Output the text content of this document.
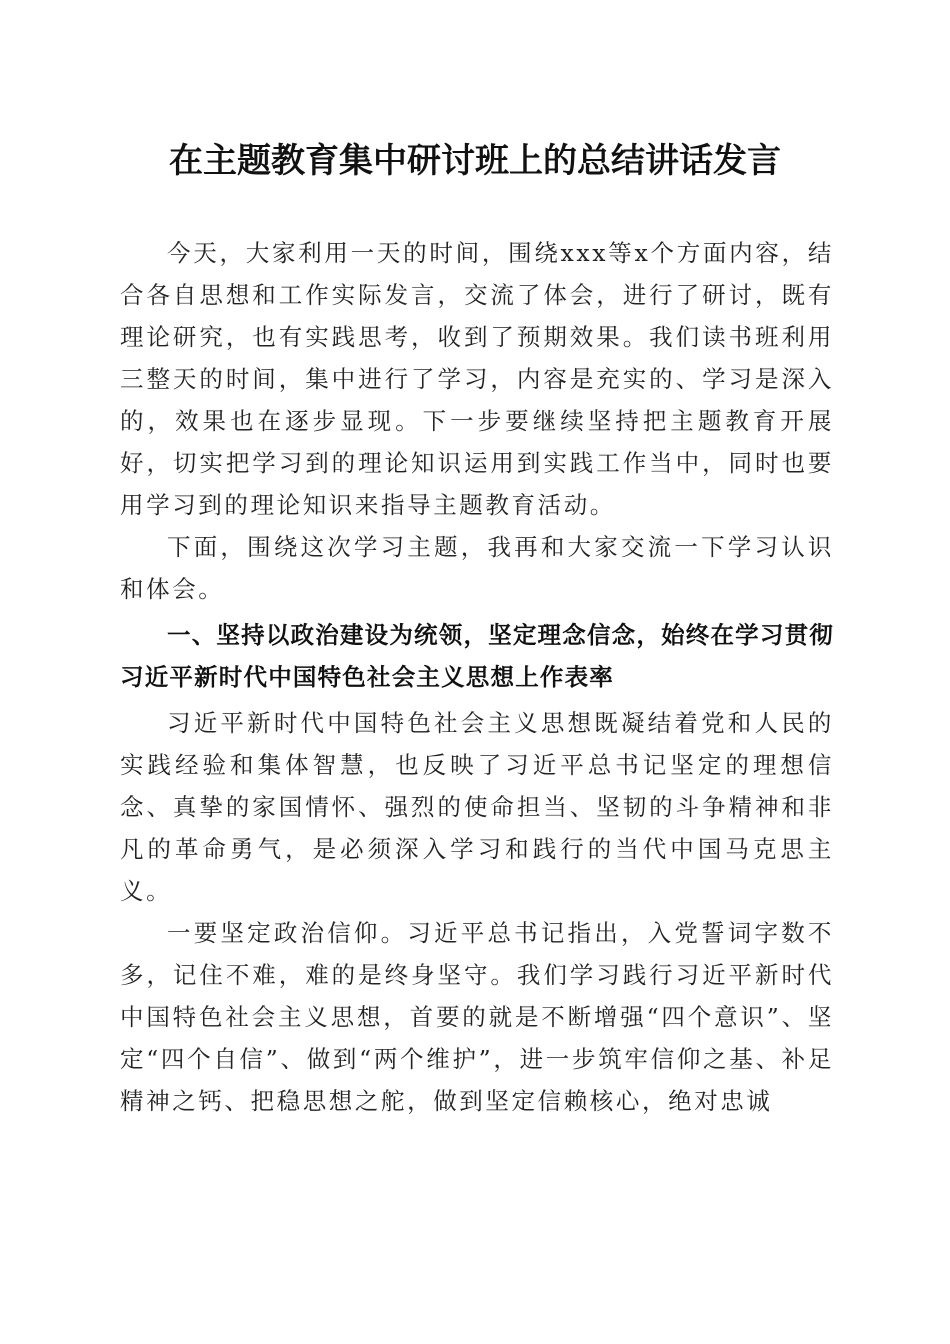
在主题教育集中研讨班上的总结讲话发言

今天，大家利用一天的时间，围绕xxx等x个方面内容，结合各自思想和工作实际发言，交流了体会，进行了研讨，既有理论研究，也有实践思考，收到了预期效果。我们读书班利用三整天的时间，集中进行了学习，内容是充实的、学习是深入的，效果也在逐步显现。下一步要继续坚持把主题教育开展好，切实把学习到的理论知识运用到实践工作当中，同时也要用学习到的理论知识来指导主题教育活动。

下面，围绕这次学习主题，我再和大家交流一下学习认识和体会。

一、坚持以政治建设为统领，坚定理念信念，始终在学习贯彻习近平新时代中国特色社会主义思想上作表率

习近平新时代中国特色社会主义思想既凝结着党和人民的实践经验和集体智慧，也反映了习近平总书记坚定的理想信念、真挚的家国情怀、强烈的使命担当、坚韧的斗争精神和非凡的革命勇气，是必须深入学习和践行的当代中国马克思主义。

一要坚定政治信仰。习近平总书记指出，入党誓词字数不多，记住不难，难的是终身坚守。我们学习践行习近平新时代中国特色社会主义思想，首要的就是不断增强“四个意识”、坚定“四个自信”、做到“两个维护”，进一步筑牢信仰之基、补足精神之钙、把稳思想之舵，做到坚定信赖核心，绝对忠诚
